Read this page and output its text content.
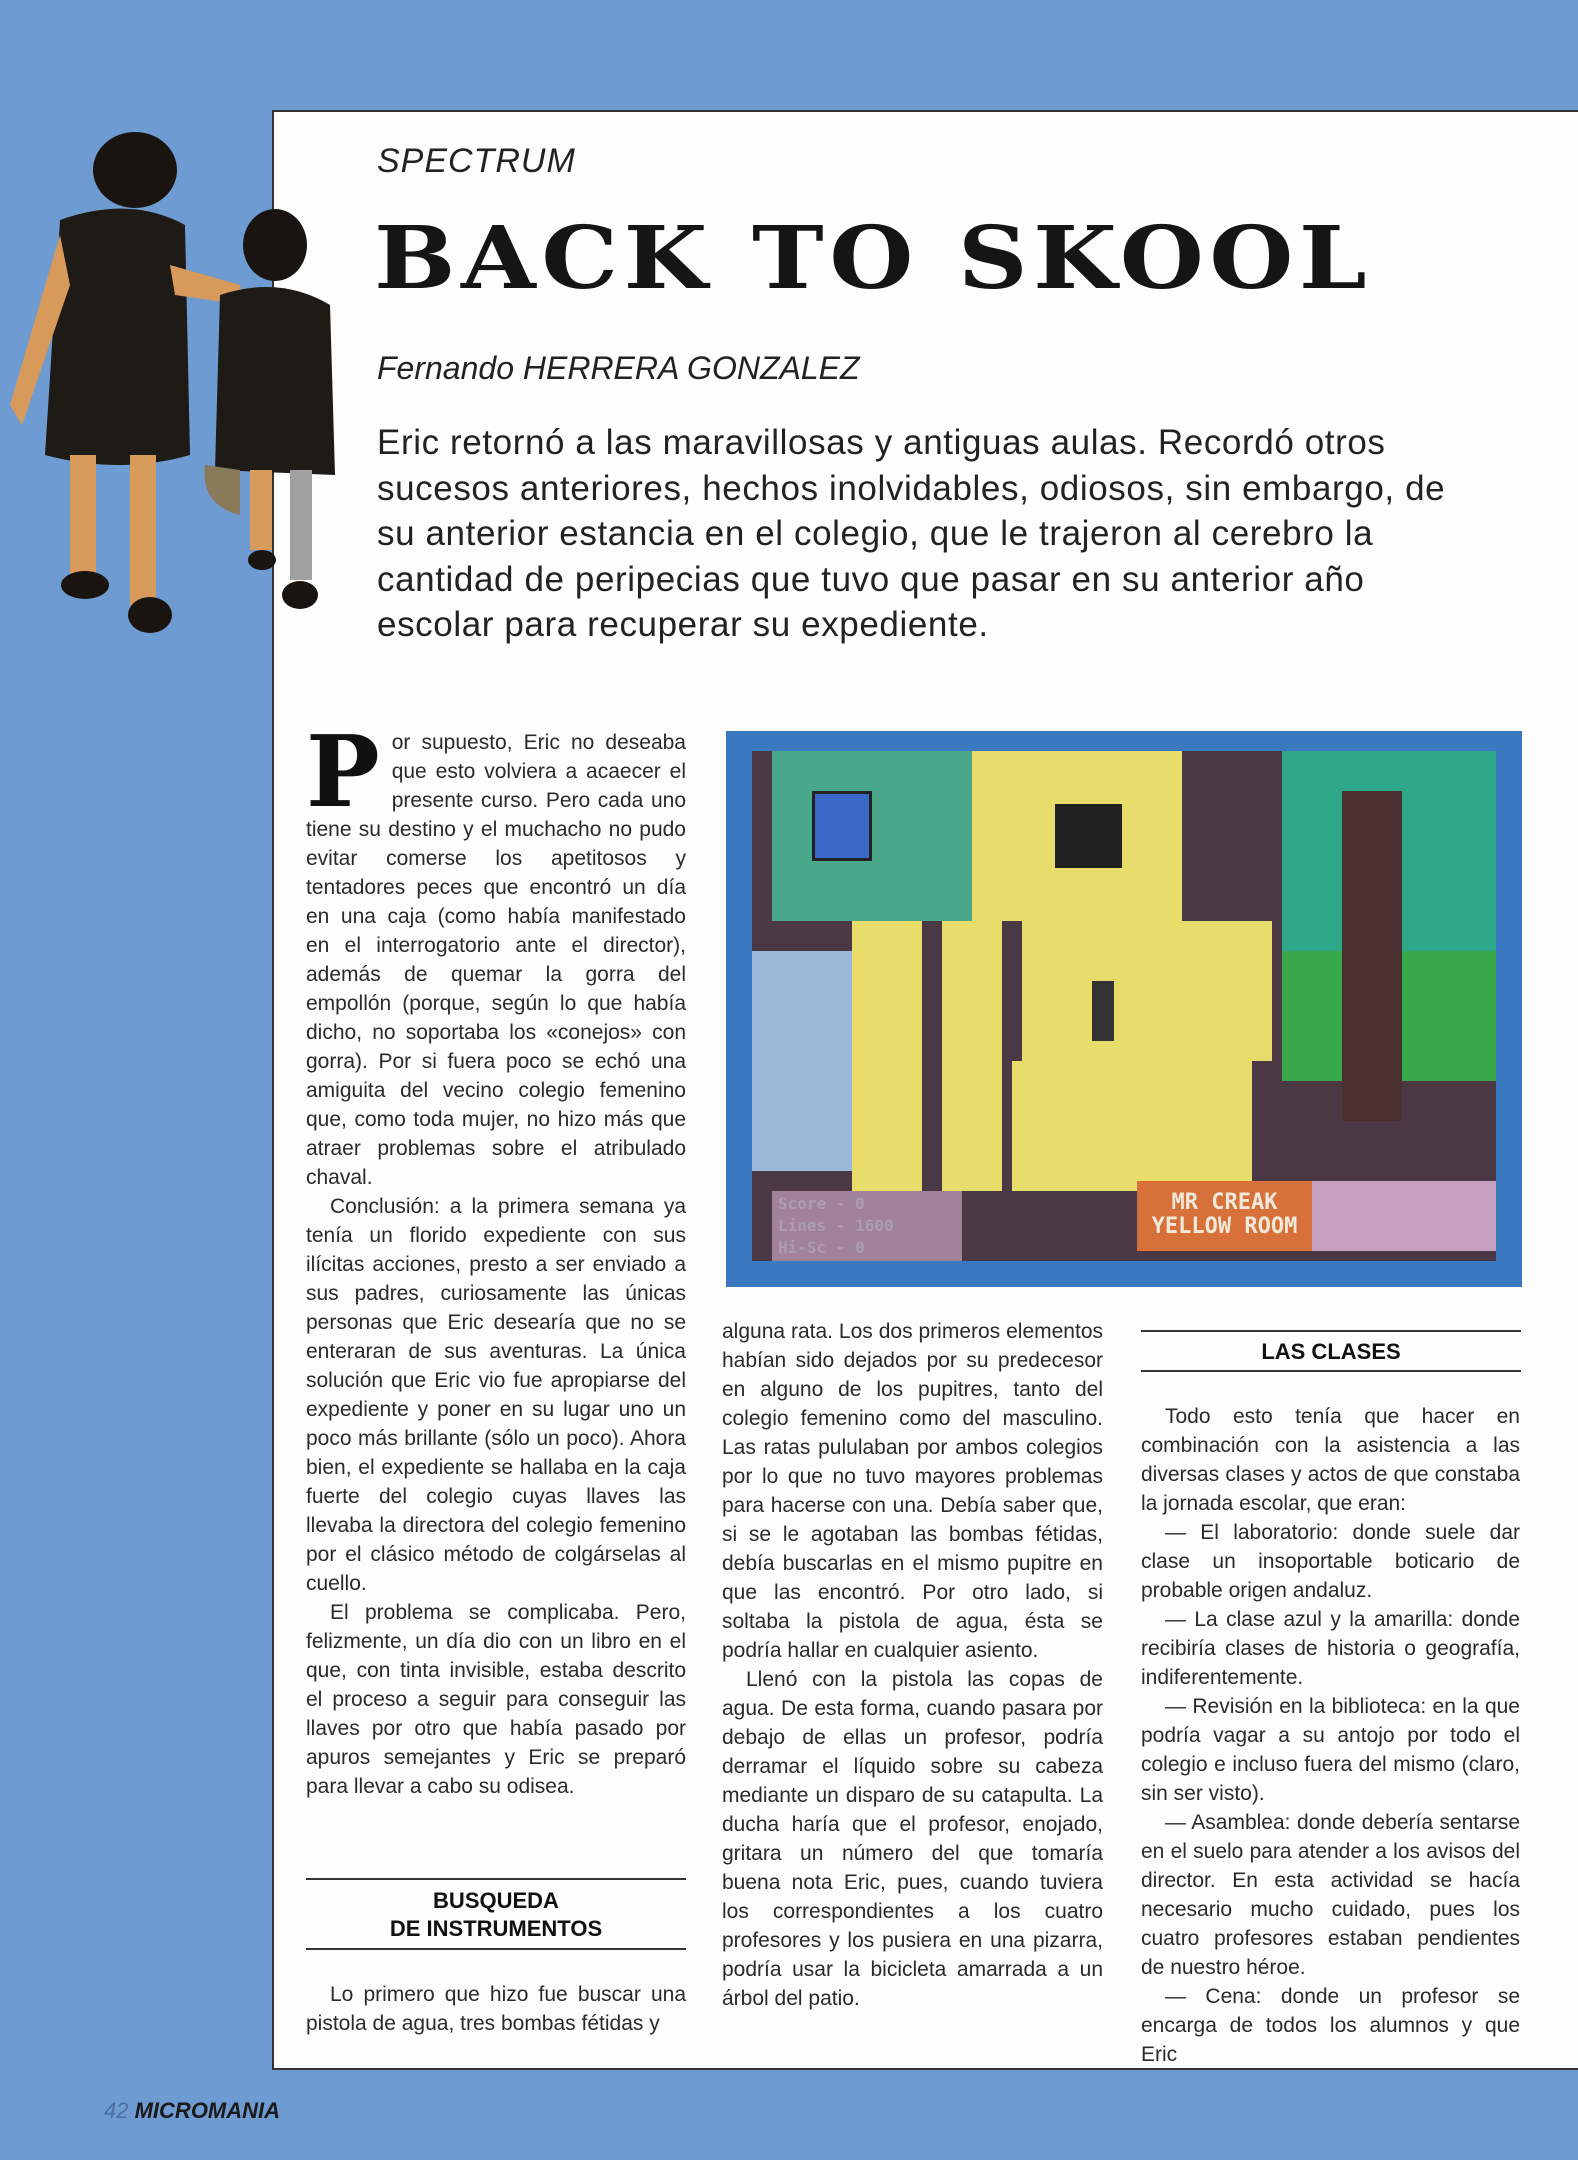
SPECTRUM
BACK TO SKOOL
Fernando HERRERA GONZALEZ
Eric retornó a las maravillosas y antiguas aulas. Recordó otros sucesos anteriores, hechos inolvidables, odiosos, sin embargo, de su anterior estancia en el colegio, que le trajeron al cerebro la cantidad de peripecias que tuvo que pasar en su anterior año escolar para recuperar su expediente.

Por supuesto, Eric no deseaba que esto volviera a acaecer el presente curso. Pero cada uno tiene su destino y el muchacho no pudo evitar comerse los apetitosos y tentadores peces que encontró un día en una caja (como había manifestado en el interrogatorio ante el director), además de quemar la gorra del empollón (porque, según lo que había dicho, no soportaba los «conejos» con gorra). Por si fuera poco se echó una amiguita del vecino colegio femenino que, como toda mujer, no hizo más que atraer problemas sobre el atribulado chaval.

Conclusión: a la primera semana ya tenía un florido expediente con sus ilícitas acciones, presto a ser enviado a sus padres, curiosamente las únicas personas que Eric desearía que no se enteraran de sus aventuras. La única solución que Eric vio fue apropiarse del expediente y poner en su lugar uno un poco más brillante (sólo un poco). Ahora bien, el expediente se hallaba en la caja fuerte del colegio cuyas llaves las llevaba la directora del colegio femenino por el clásico método de colgárselas al cuello.

El problema se complicaba. Pero, felizmente, un día dio con un libro en el que, con tinta invisible, estaba descrito el proceso a seguir para conseguir las llaves por otro que había pasado por apuros semejantes y Eric se preparó para llevar a cabo su odisea.

BUSQUEDA
DE INSTRUMENTOS

Lo primero que hizo fue buscar una pistola de agua, tres bombas fétidas y

Score - 0
Lines - 1600
Hi-Sc - 0
MR CREAK
YELLOW ROOM

alguna rata. Los dos primeros elementos habían sido dejados por su predecesor en alguno de los pupitres, tanto del colegio femenino como del masculino. Las ratas pululaban por ambos colegios por lo que no tuvo mayores problemas para hacerse con una. Debía saber que, si se le agotaban las bombas fétidas, debía buscarlas en el mismo pupitre en que las encontró. Por otro lado, si soltaba la pistola de agua, ésta se podría hallar en cualquier asiento.

Llenó con la pistola las copas de agua. De esta forma, cuando pasara por debajo de ellas un profesor, podría derramar el líquido sobre su cabeza mediante un disparo de su catapulta. La ducha haría que el profesor, enojado, gritara un número del que tomaría buena nota Eric, pues, cuando tuviera los correspondientes a los cuatro profesores y los pusiera en una pizarra, podría usar la bicicleta amarrada a un árbol del patio.

LAS CLASES

Todo esto tenía que hacer en combinación con la asistencia a las diversas clases y actos de que constaba la jornada escolar, que eran:

— El laboratorio: donde suele dar clase un insoportable boticario de probable origen andaluz.

— La clase azul y la amarilla: donde recibiría clases de historia o geografía, indiferentemente.

— Revisión en la biblioteca: en la que podría vagar a su antojo por todo el colegio e incluso fuera del mismo (claro, sin ser visto).

— Asamblea: donde debería sentarse en el suelo para atender a los avisos del director. En esta actividad se hacía necesario mucho cuidado, pues los cuatro profesores estaban pendientes de nuestro héroe.

— Cena: donde un profesor se encarga de todos los alumnos y que Eric

42 MICROMANIA
